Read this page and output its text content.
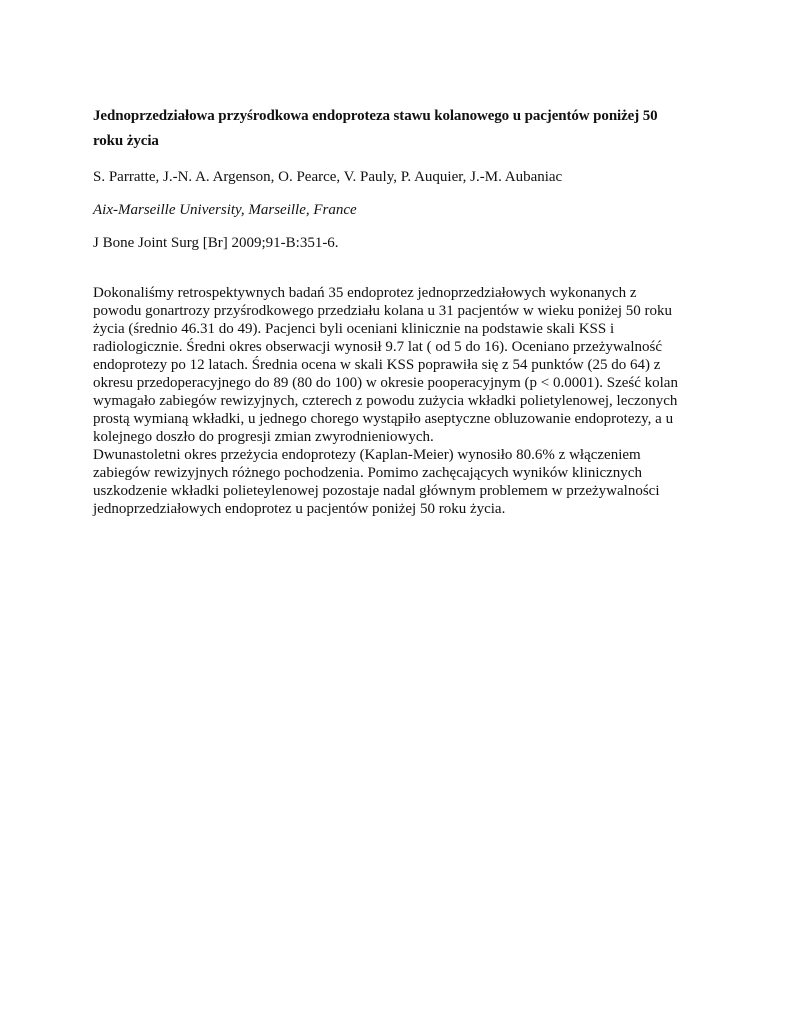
Jednoprzedziałowa przyśrodkowa endoproteza stawu kolanowego u pacjentów poniżej 50
roku życia

S. Parratte, J.-N. A. Argenson, O. Pearce, V. Pauly, P. Auquier, J.-M. Aubaniac

Aix-Marseille University, Marseille, France

J Bone Joint Surg [Br] 2009;91-B:351-6.

Dokonaliśmy retrospektywnych badań 35 endoprotez jednoprzedziałowych wykonanych z
powodu gonartrozy przyśrodkowego przedziału kolana u 31 pacjentów w wieku poniżej 50 roku
życia (średnio 46.31 do 49). Pacjenci byli oceniani klinicznie na podstawie skali KSS i
radiologicznie. Średni okres obserwacji wynosił 9.7 lat ( od 5 do 16). Oceniano przeżywalność
endoprotezy po 12 latach. Średnia ocena w skali KSS poprawiła się z 54 punktów (25 do 64) z
okresu przedoperacyjnego do 89 (80 do 100) w okresie pooperacyjnym (p < 0.0001). Sześć kolan
wymagało zabiegów rewizyjnych, czterech z powodu zużycia wkładki polietylenowej, leczonych
prostą wymianą wkładki, u jednego chorego wystąpiło aseptyczne obluzowanie endoprotezy, a u
kolejnego doszło do progresji zmian zwyrodnieniowych.

Dwunastoletni okres przeżycia endoprotezy (Kaplan-Meier) wynosiło 80.6% z włączeniem
zabiegów rewizyjnych różnego pochodzenia. Pomimo zachęcających wyników klinicznych
uszkodzenie wkładki polieteylenowej pozostaje nadal głównym problemem w przeżywalności
jednoprzedziałowych endoprotez u pacjentów poniżej 50 roku życia.
